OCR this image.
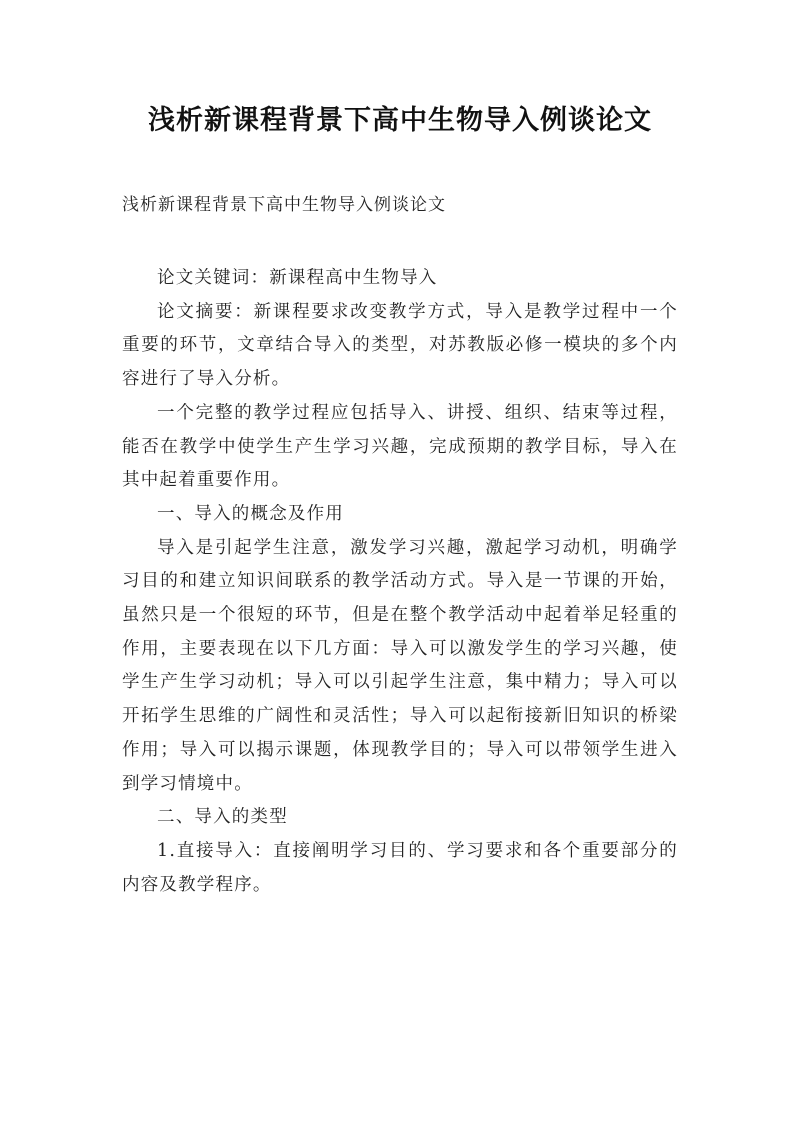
浅析新课程背景下高中生物导入例谈论文

浅析新课程背景下高中生物导入例谈论文

论文关键词：新课程高中生物导入

论文摘要：新课程要求改变教学方式，导入是教学过程中一个重要的环节，文章结合导入的类型，对苏教版必修一模块的多个内容进行了导入分析。

一个完整的教学过程应包括导入、讲授、组织、结束等过程，能否在教学中使学生产生学习兴趣，完成预期的教学目标，导入在其中起着重要作用。

一、导入的概念及作用

导入是引起学生注意，激发学习兴趣，激起学习动机，明确学习目的和建立知识间联系的教学活动方式。导入是一节课的开始，虽然只是一个很短的环节，但是在整个教学活动中起着举足轻重的作用，主要表现在以下几方面：导入可以激发学生的学习兴趣，使学生产生学习动机；导入可以引起学生注意，集中精力；导入可以开拓学生思维的广阔性和灵活性；导入可以起衔接新旧知识的桥梁作用；导入可以揭示课题，体现教学目的；导入可以带领学生进入到学习情境中。

二、导入的类型

1.直接导入：直接阐明学习目的、学习要求和各个重要部分的内容及教学程序。
